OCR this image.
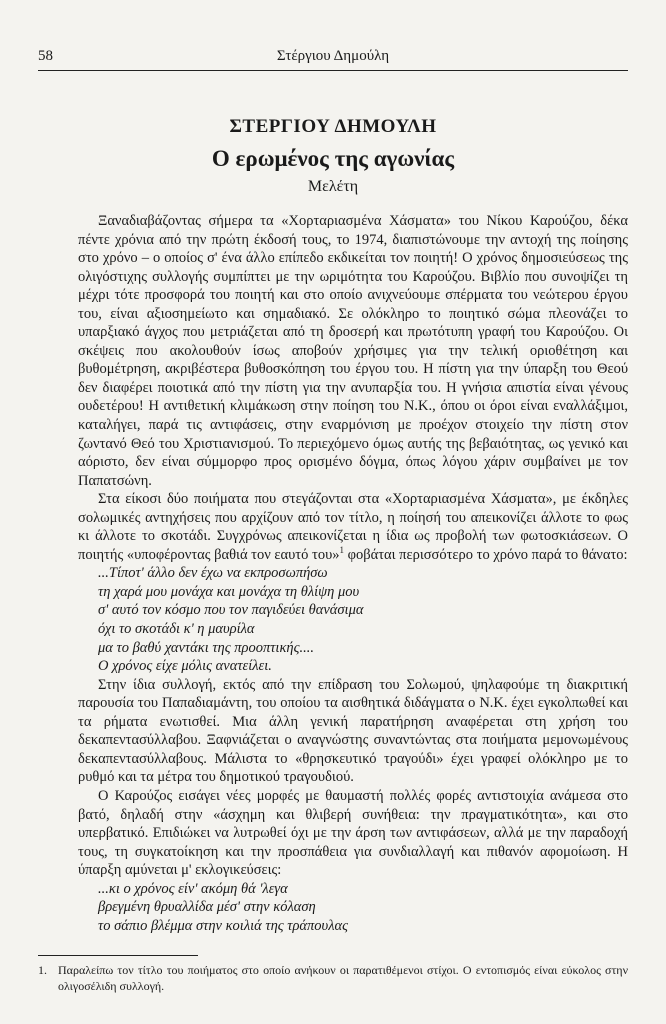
58	Στέργιου Δημούλη
ΣΤΕΡΓΙΟΥ ΔΗΜΟΥΛΗ
Ο ερωμένος της αγωνίας
Μελέτη

Ξαναδιαβάζοντας σήμερα τα «Χορταριασμένα Χάσματα» του Νίκου Καρούζου, δέκα πέντε χρόνια από την πρώτη έκδοσή τους, το 1974, διαπιστώνουμε την αντοχή της ποίησης στο χρόνο – ο οποίος σ' ένα άλλο επίπεδο εκδικείται τον ποιητή! Ο χρόνος δημοσιεύσεως της ολιγόστιχης συλλογής συμπίπτει με την ωριμότητα του Καρούζου. Βιβλίο που συνοψίζει τη μέχρι τότε προσφορά του ποιητή και στο οποίο ανιχνεύουμε σπέρματα του νεώτερου έργου του, είναι αξιοσημείωτο και σημαδιακό. Σε ολόκληρο το ποιητικό σώμα πλεονάζει το υπαρξιακό άγχος που μετριάζεται από τη δροσερή και πρωτότυπη γραφή του Καρούζου. Οι σκέψεις που ακολουθούν ίσως αποβούν χρήσιμες για την τελική οριοθέτηση και βυθομέτρηση, ακριβέστερα βυθοσκόπηση του έργου του. Η πίστη για την ύπαρξη του Θεού δεν διαφέρει ποιοτικά από την πίστη για την ανυπαρξία του. Η γνήσια απιστία είναι γένους ουδετέρου! Η αντιθετική κλιμάκωση στην ποίηση του Ν.Κ., όπου οι όροι είναι εναλλάξιμοι, καταλήγει, παρά τις αντιφάσεις, στην εναρμόνιση με προέχον στοιχείο την πίστη στον ζωντανό Θεό του Χριστιανισμού. Το περιεχόμενο όμως αυτής της βεβαιότητας, ως γενικό και αόριστο, δεν είναι σύμμορφο προς ορισμένο δόγμα, όπως λόγου χάριν συμβαίνει με τον Παπατσώνη.

Στα είκοσι δύο ποιήματα που στεγάζονται στα «Χορταριασμένα Χάσματα», με έκδηλες σολωμικές αντηχήσεις που αρχίζουν από τον τίτλο, η ποίησή του απεικονίζει άλλοτε το φως κι άλλοτε το σκοτάδι. Συγχρόνως απεικονίζεται η ίδια ως προβολή των φωτοσκιάσεων. Ο ποιητής «υποφέροντας βαθιά τον εαυτό του»$^1$ φοβάται περισσότερο το χρόνο παρά το θάνατο:

...Τίποτ' άλλο δεν έχω να εκπροσωπήσω
τη χαρά μου μονάχα και μονάχα τη θλίψη μου
σ' αυτό τον κόσμο που τον παγιδεύει θανάσιμα
όχι το σκοτάδι κ' η μαυρίλα
μα το βαθύ χαντάκι της προοπτικής....
Ο χρόνος είχε μόλις ανατείλει.

Στην ίδια συλλογή, εκτός από την επίδραση του Σολωμού, ψηλαφούμε τη διακριτική παρουσία του Παπαδιαμάντη, του οποίου τα αισθητικά διδάγματα ο Ν.Κ. έχει εγκολπωθεί και τα ρήματα ενωτισθεί. Μια άλλη γενική παρατήρηση αναφέρεται στη χρήση του δεκαπεντασύλλαβου. Ξαφνιάζεται ο αναγνώστης συναντώντας στα ποιήματα μεμονωμένους δεκαπεντασύλλαβους. Μάλιστα το «θρησκευτικό τραγούδι» έχει γραφεί ολόκληρο με το ρυθμό και τα μέτρα του δημοτικού τραγουδιού.

Ο Καρούζος εισάγει νέες μορφές με θαυμαστή πολλές φορές αντιστοιχία ανάμεσα στο βατό, δηλαδή στην «άσχημη και θλιβερή συνήθεια: την πραγματικότητα», και στο υπερβατικό. Επιδιώκει να λυτρωθεί όχι με την άρση των αντιφάσεων, αλλά με την παραδοχή τους, τη συγκατοίκηση και την προσπάθεια για συνδιαλλαγή και πιθανόν αφομοίωση. Η ύπαρξη αμύνεται μ' εκλογικεύσεις:

...κι ο χρόνος είν' ακόμη θά 'λεγα
βρεγμένη θρυαλλίδα μέσ' στην κόλαση
το σάπιο βλέμμα στην κοιλιά της τράπουλας
1. Παραλείπω τον τίτλο του ποιήματος στο οποίο ανήκουν οι παρατιθέμενοι στίχοι. Ο εντοπισμός είναι εύκολος στην ολιγοσέλιδη συλλογή.
